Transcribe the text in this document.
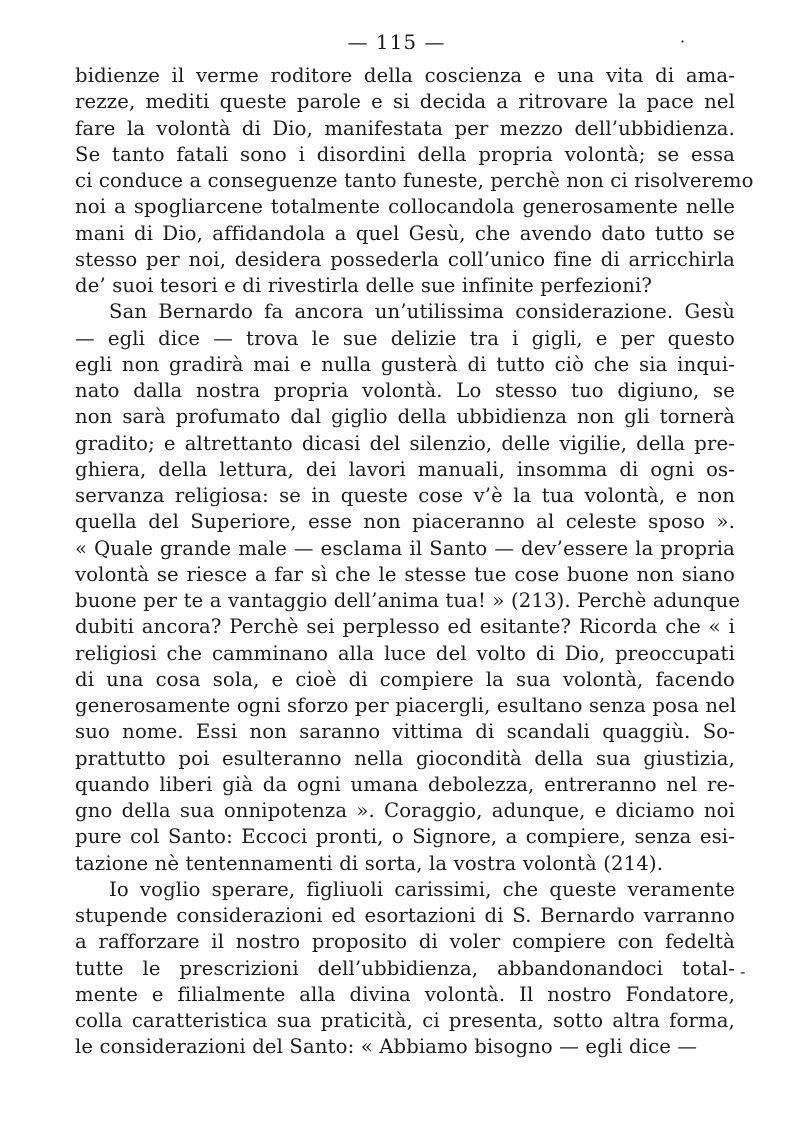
— 115 —	·
bidienze il verme roditore della coscienza e una vita di ama-
rezze, mediti queste parole e si decida a ritrovare la pace nel
fare la volontà di Dio, manifestata per mezzo dell’ubbidienza.
Se tanto fatali sono i disordini della propria volontà; se essa
ci conduce a conseguenze tanto funeste, perchè non ci risolveremo
noi a spogliarcene totalmente collocandola generosamente nelle
mani di Dio, affidandola a quel Gesù, che avendo dato tutto se
stesso per noi, desidera possederla coll’unico fine di arricchirla
de’ suoi tesori e di rivestirla delle sue infinite perfezioni?
San Bernardo fa ancora un’utilissima considerazione. Gesù
— egli dice — trova le sue delizie tra i gigli, e per questo
egli non gradirà mai e nulla gusterà di tutto ciò che sia inqui-
nato dalla nostra propria volontà. Lo stesso tuo digiuno, se
non sarà profumato dal giglio della ubbidienza non gli tornerà
gradito; e altrettanto dicasi del silenzio, delle vigilie, della pre-
ghiera, della lettura, dei lavori manuali, insomma di ogni os-
servanza religiosa: se in queste cose v’è la tua volontà, e non
quella del Superiore, esse non piaceranno al celeste sposo ».
« Quale grande male — esclama il Santo — dev’essere la propria
volontà se riesce a far sì che le stesse tue cose buone non siano
buone per te a vantaggio dell’anima tua! » (213). Perchè adunque
dubiti ancora? Perchè sei perplesso ed esitante? Ricorda che « i
religiosi che camminano alla luce del volto di Dio, preoccupati
di una cosa sola, e cioè di compiere la sua volontà, facendo
generosamente ogni sforzo per piacergli, esultano senza posa nel
suo nome. Essi non saranno vittima di scandali quaggiù. So-
prattutto poi esulteranno nella giocondità della sua giustizia,
quando liberi già da ogni umana debolezza, entreranno nel re-
gno della sua onnipotenza ». Coraggio, adunque, e diciamo noi
pure col Santo: Eccoci pronti, o Signore, a compiere, senza esi-
tazione nè tentennamenti di sorta, la vostra volontà (214).
Io voglio sperare, figliuoli carissimi, che queste veramente
stupende considerazioni ed esortazioni di S. Bernardo varranno
a rafforzare il nostro proposito di voler compiere con fedeltà
tutte le prescrizioni dell’ubbidienza, abbandonandoci total-
mente e filialmente alla divina volontà. Il nostro Fondatore,
colla caratteristica sua praticità, ci presenta, sotto altra forma,
le considerazioni del Santo: « Abbiamo bisogno — egli dice —
-
